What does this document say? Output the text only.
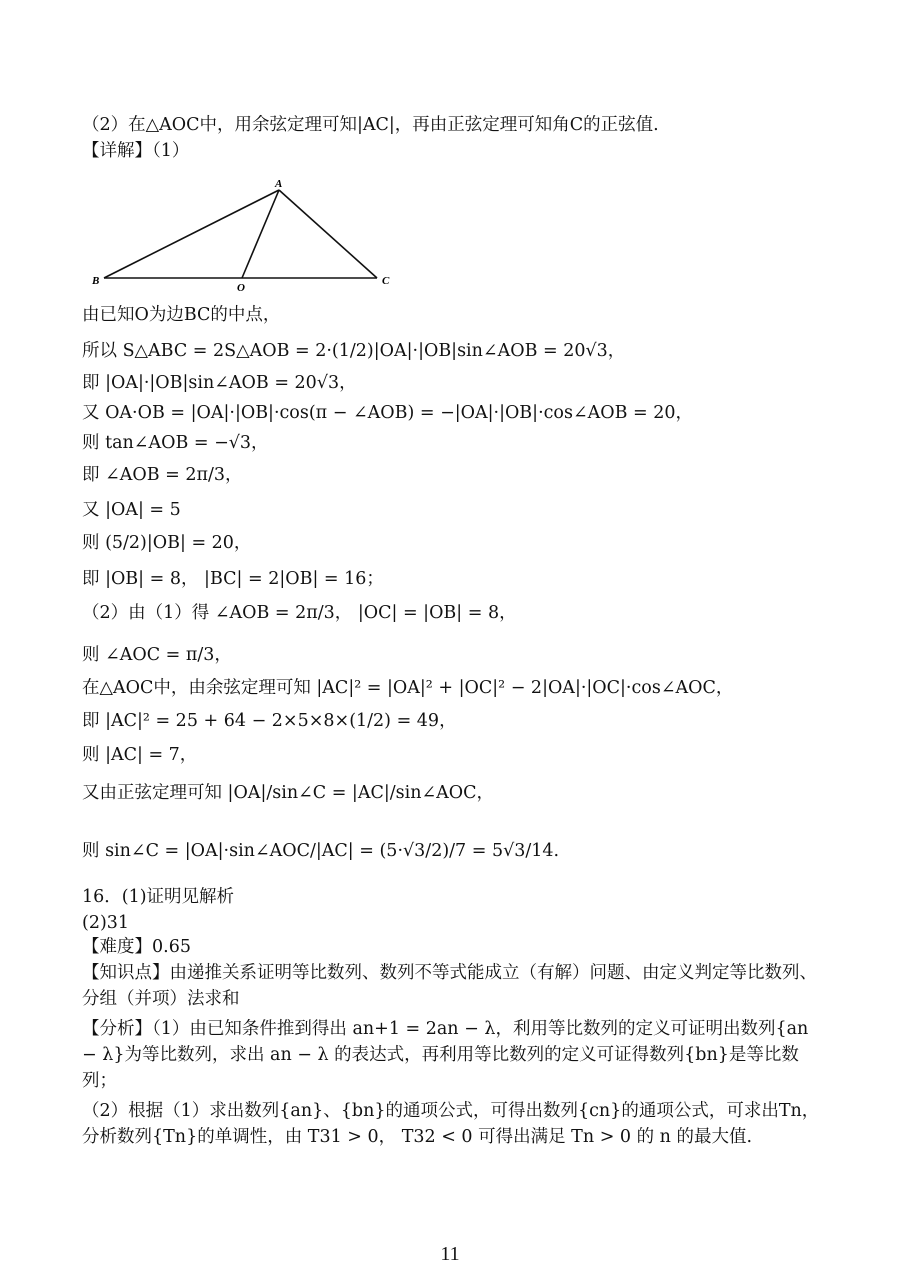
（2）在△AOC中，用余弦定理可知|AC|，再由正弦定理可知角C的正弦值.
【详解】（1）
A
B
O
C
由已知O为边BC的中点，
所以 S△ABC = 2S△AOB = 2·(1/2)|OA|·|OB|sin∠AOB = 20√3，
即 |OA|·|OB|sin∠AOB = 20√3，
又 OA·OB = |OA|·|OB|·cos(π − ∠AOB) = −|OA|·|OB|·cos∠AOB = 20，
则 tan∠AOB = −√3，
即 ∠AOB = 2π/3，
又 |OA| = 5
则 (5/2)|OB| = 20，
即 |OB| = 8， |BC| = 2|OB| = 16；
（2）由（1）得 ∠AOB = 2π/3， |OC| = |OB| = 8，
则 ∠AOC = π/3，
在△AOC中，由余弦定理可知 |AC|² = |OA|² + |OC|² − 2|OA|·|OC|·cos∠AOC，
即 |AC|² = 25 + 64 − 2×5×8×(1/2) = 49，
则 |AC| = 7，
又由正弦定理可知 |OA|/sin∠C = |AC|/sin∠AOC，
则 sin∠C = |OA|·sin∠AOC/|AC| = (5·√3/2)/7 = 5√3/14.
16．(1)证明见解析
(2)31
【难度】0.65
【知识点】由递推关系证明等比数列、数列不等式能成立（有解）问题、由定义判定等比数列、分组（并项）法求和
【分析】（1）由已知条件推到得出 an+1 = 2an − λ，利用等比数列的定义可证明出数列{an − λ}为等比数列，求出 an − λ 的表达式，再利用等比数列的定义可证得数列{bn}是等比数列；
（2）根据（1）求出数列{an}、{bn}的通项公式，可得出数列{cn}的通项公式，可求出Tn，分析数列{Tn}的单调性，由 T31 > 0， T32 < 0 可得出满足 Tn > 0 的 n 的最大值.
11
